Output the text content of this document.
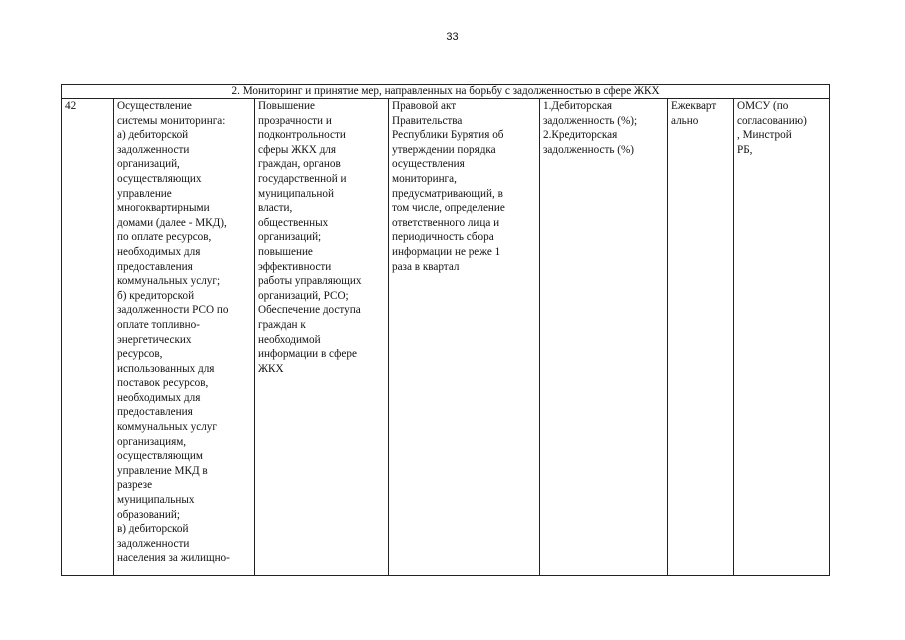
33
2. Мониторинг и принятие мер, направленных на борьбу с задолженностью в сфере ЖКХ
42	Осуществление
системы мониторинга:
а) дебиторской
задолженности
организаций,
осуществляющих
управление
многоквартирными
домами (далее - МКД),
по оплате ресурсов,
необходимых для
предоставления
коммунальных услуг;
б) кредиторской
задолженности РСО по
оплате топливно-
энергетических
ресурсов,
использованных для
поставок ресурсов,
необходимых для
предоставления
коммунальных услуг
организациям,
осуществляющим
управление МКД в
разрезе
муниципальных
образований;
в) дебиторской
задолженности
населения за жилищно-	Повышение
прозрачности и
подконтрольности
сферы ЖКХ для
граждан, органов
государственной и
муниципальной
власти,
общественных
организаций;
повышение
эффективности
работы управляющих
организаций, РСО;
Обеспечение доступа
граждан к
необходимой
информации в сфере
ЖКХ	Правовой акт
Правительства
Республики Бурятия об
утверждении порядка
осуществления
мониторинга,
предусматривающий, в
том числе, определение
ответственного лица и
периодичность сбора
информации не реже 1
раза в квартал	1.Дебиторская
задолженность (%);
2.Кредиторская
задолженность (%)	Ежекварт
ально	ОМСУ (по
согласованию)
, Минстрой
РБ,
